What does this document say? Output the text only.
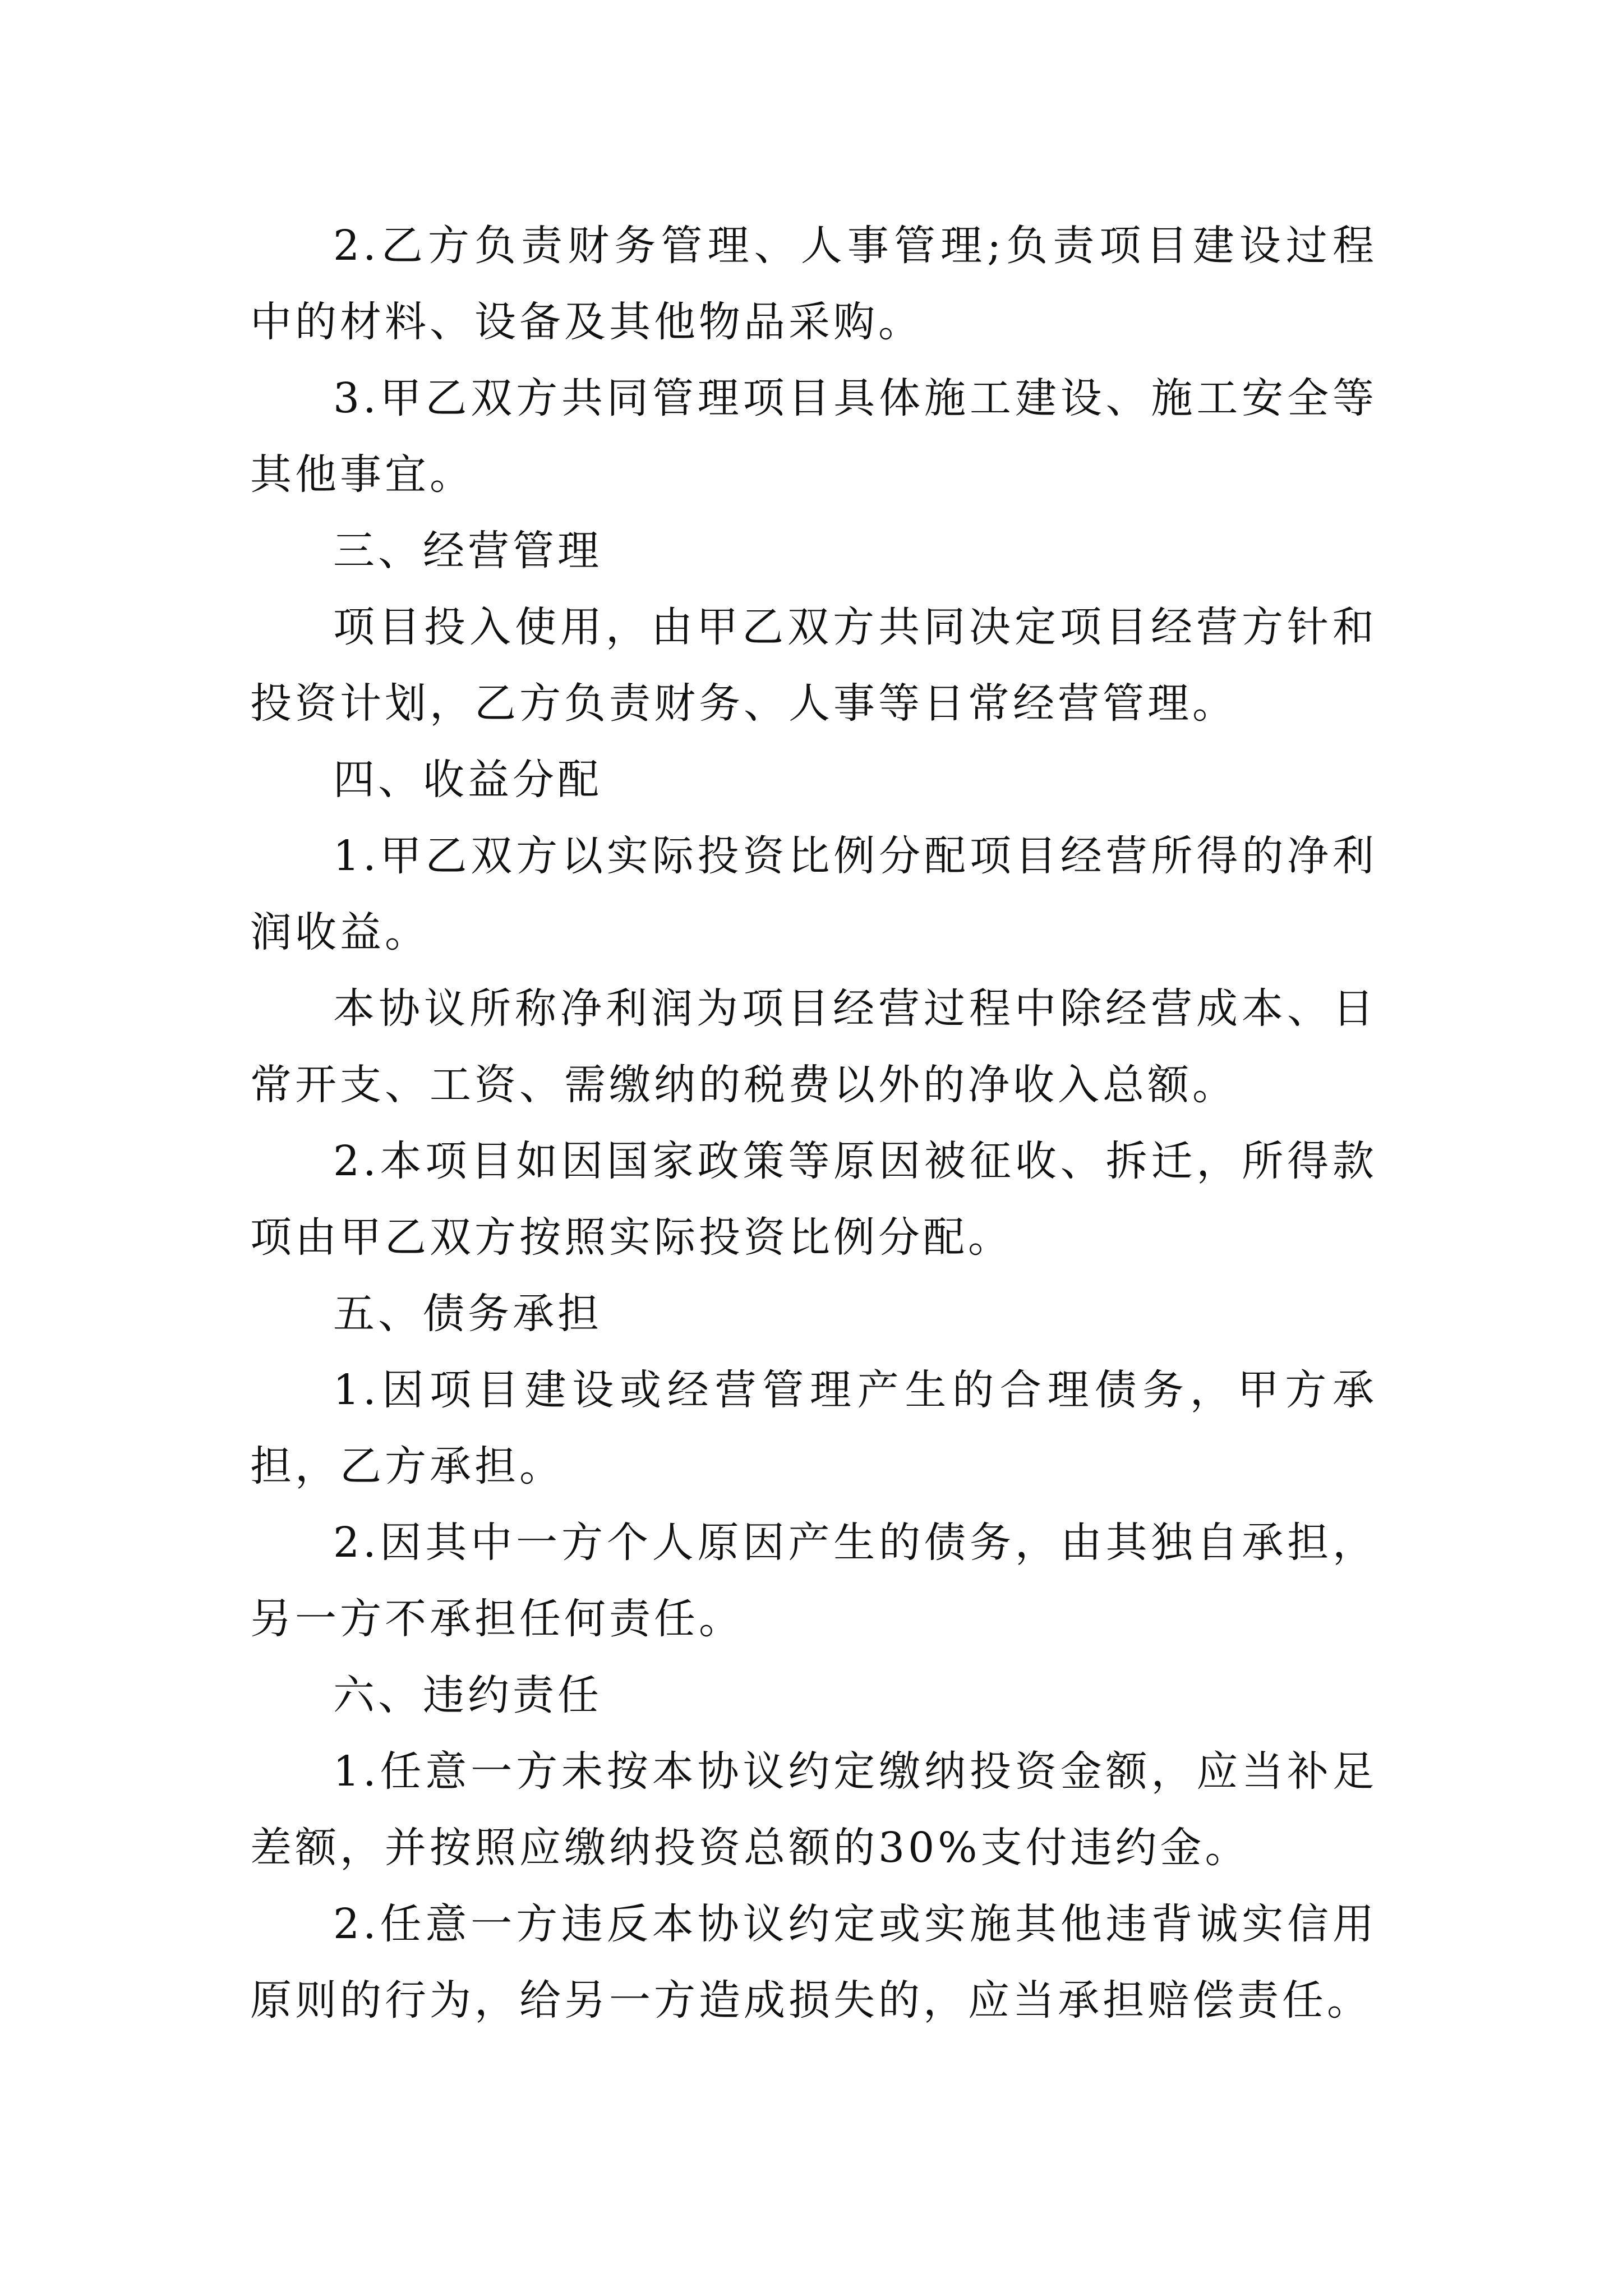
2.乙方负责财务管理、人事管理;负责项目建设过程中的材料、设备及其他物品采购。

3.甲乙双方共同管理项目具体施工建设、施工安全等其他事宜。

三、经营管理

项目投入使用，由甲乙双方共同决定项目经营方针和投资计划，乙方负责财务、人事等日常经营管理。

四、收益分配

1.甲乙双方以实际投资比例分配项目经营所得的净利润收益。

本协议所称净利润为项目经营过程中除经营成本、日常开支、工资、需缴纳的税费以外的净收入总额。

2.本项目如因国家政策等原因被征收、拆迁，所得款项由甲乙双方按照实际投资比例分配。

五、债务承担

1.因项目建设或经营管理产生的合理债务，甲方承担，乙方承担。

2.因其中一方个人原因产生的债务，由其独自承担，另一方不承担任何责任。

六、违约责任

1.任意一方未按本协议约定缴纳投资金额，应当补足差额，并按照应缴纳投资总额的30%支付违约金。

2.任意一方违反本协议约定或实施其他违背诚实信用原则的行为，给另一方造成损失的，应当承担赔偿责任。
